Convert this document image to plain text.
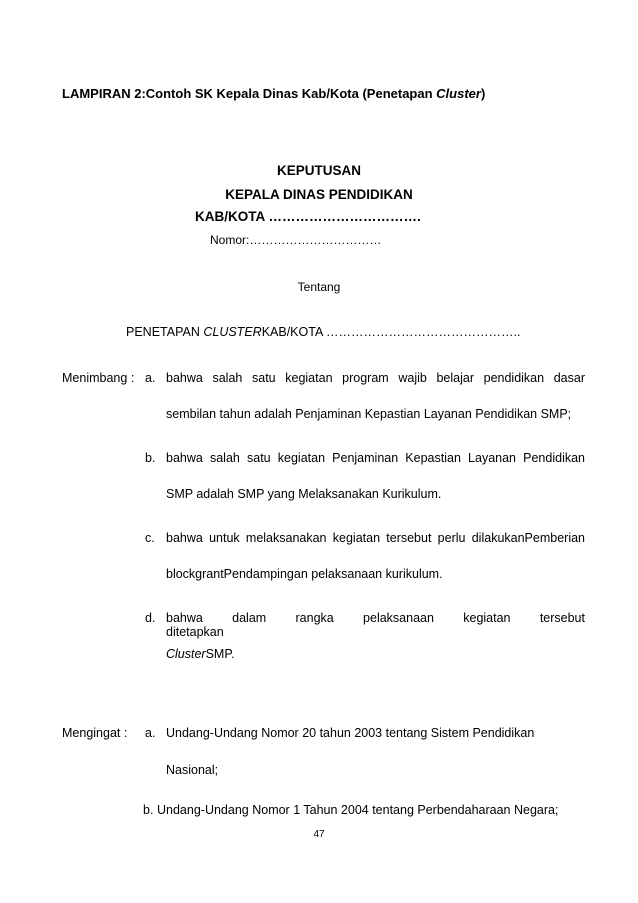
LAMPIRAN 2:Contoh SK Kepala Dinas Kab/Kota (Penetapan Cluster)
KEPUTUSAN
KEPALA DINAS PENDIDIKAN
KAB/KOTA …………………………….
Nomor:……………………………
Tentang
PENETAPAN CLUSTERKAB/KOTA ………………………………………..
Menimbang : a. bahwa salah satu kegiatan program wajib belajar pendidikan dasar
sembilan tahun adalah Penjaminan Kepastian Layanan Pendidikan SMP;
b. bahwa salah satu kegiatan Penjaminan Kepastian Layanan Pendidikan
SMP adalah SMP yang Melaksanakan Kurikulum.
c. bahwa untuk melaksanakan kegiatan tersebut perlu dilakukanPemberian
blockgrantPendampingan pelaksanaan kurikulum.
d. bahwa dalam rangka pelaksanaan kegiatan tersebut ditetapkan
ClusterSMP.
Mengingat : a. Undang-Undang Nomor 20 tahun 2003 tentang Sistem Pendidikan
Nasional;
b. Undang-Undang Nomor 1 Tahun 2004 tentang Perbendaharaan Negara;
47
